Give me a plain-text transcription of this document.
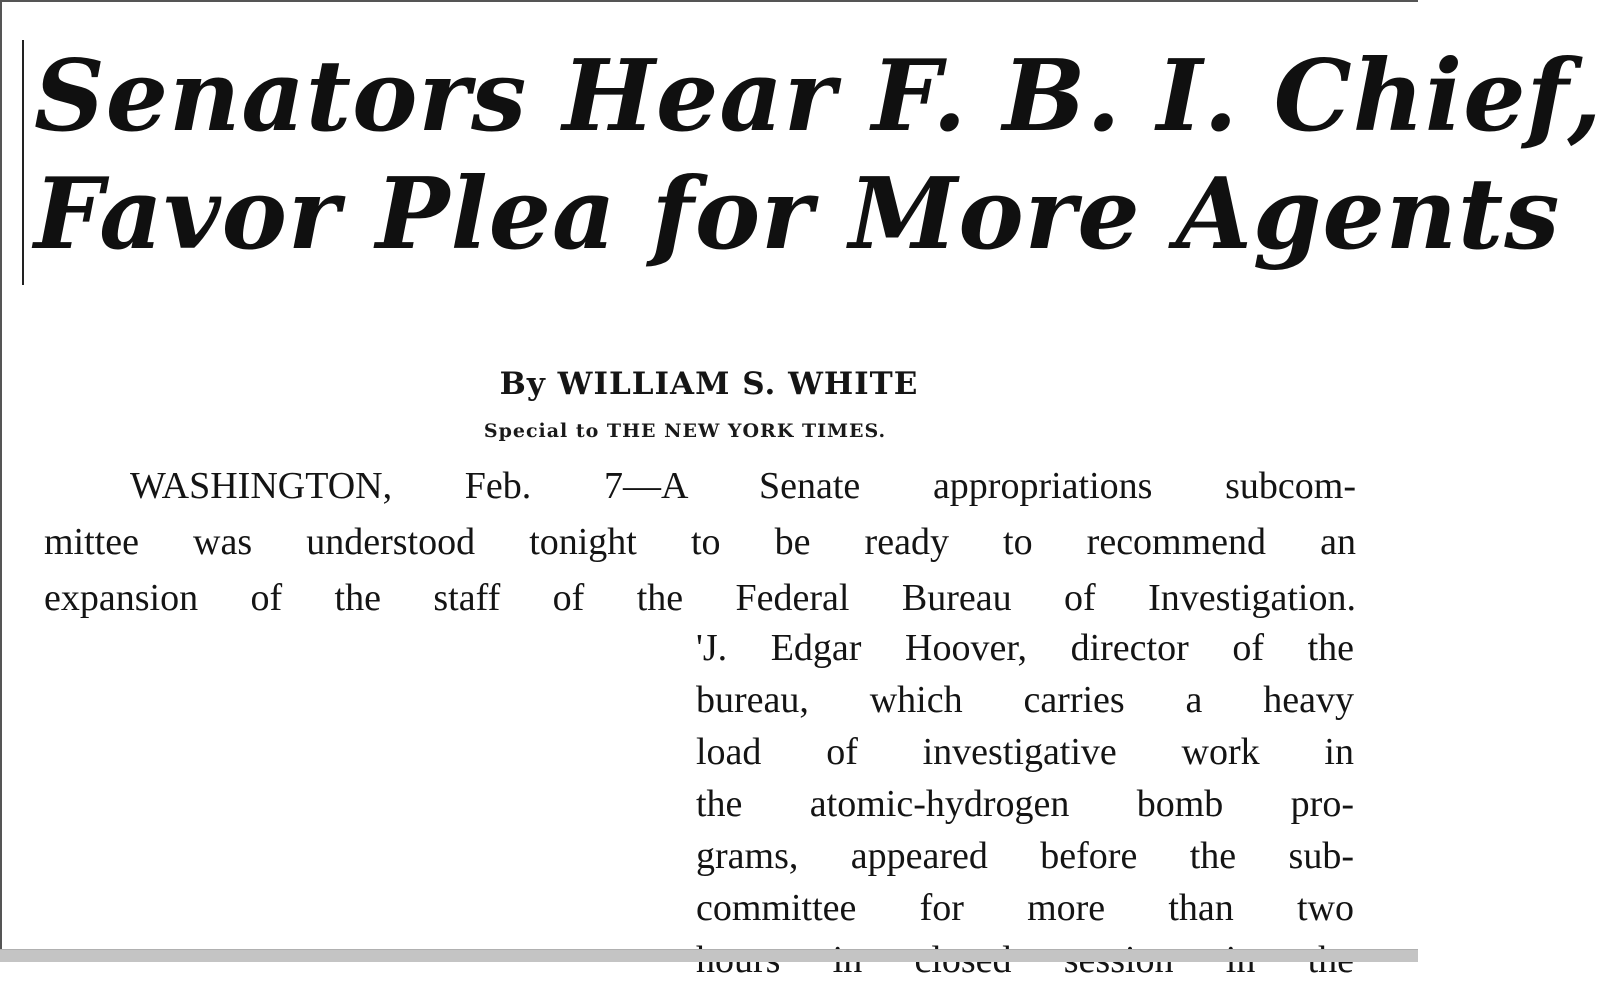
Senators Hear F. B. I. Chief,
Favor Plea for More Agents
By WILLIAM S. WHITE
Special to THE NEW YORK TIMES.
WASHINGTON, Feb. 7—A Senate appropriations subcom-
mittee was understood tonight to be ready to recommend an
expansion of the staff of the Federal Bureau of Investigation.
'J. Edgar Hoover, director of the
bureau, which carries a heavy
load of investigative work in
the atomic-hydrogen bomb pro-
grams, appeared before the sub-
committee for more than two
